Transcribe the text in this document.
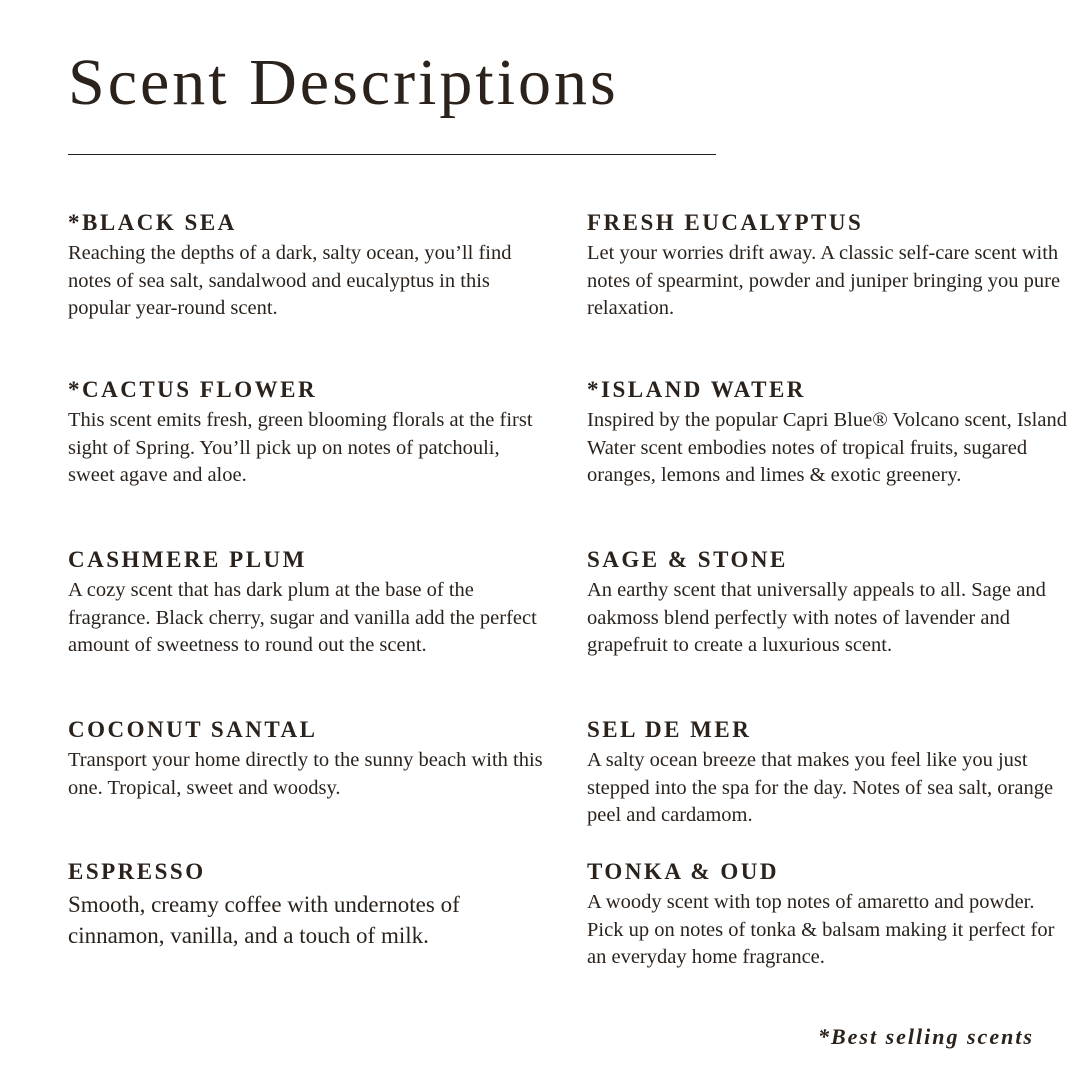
Scent Descriptions
*BLACK SEA

Reaching the depths of a dark, salty ocean, you’ll find notes of sea salt, sandalwood and eucalyptus in this popular year-round scent.

*CACTUS FLOWER

This scent emits fresh, green blooming florals at the first sight of Spring. You’ll pick up on notes of patchouli, sweet agave and aloe.

CASHMERE PLUM

A cozy scent that has dark plum at the base of the fragrance. Black cherry, sugar and vanilla add the perfect amount of sweetness to round out the scent.

COCONUT SANTAL

Transport your home directly to the sunny beach with this one. Tropical, sweet and woodsy.

ESPRESSO

Smooth, creamy coffee with undernotes of cinnamon, vanilla, and a touch of milk.

FRESH EUCALYPTUS

Let your worries drift away. A classic self-care scent with notes of spearmint, powder and juniper bringing you pure relaxation.

*ISLAND WATER

Inspired by the popular Capri Blue® Volcano scent, Island Water scent embodies notes of tropical fruits, sugared oranges, lemons and limes & exotic greenery.

SAGE & STONE

An earthy scent that universally appeals to all. Sage and oakmoss blend perfectly with notes of lavender and grapefruit to create a luxurious scent.

SEL DE MER

A salty ocean breeze that makes you feel like you just stepped into the spa for the day. Notes of sea salt, orange peel and cardamom.

TONKA & OUD

A woody scent with top notes of amaretto and powder. Pick up on notes of tonka & balsam making it perfect for an everyday home fragrance.

*Best selling scents
